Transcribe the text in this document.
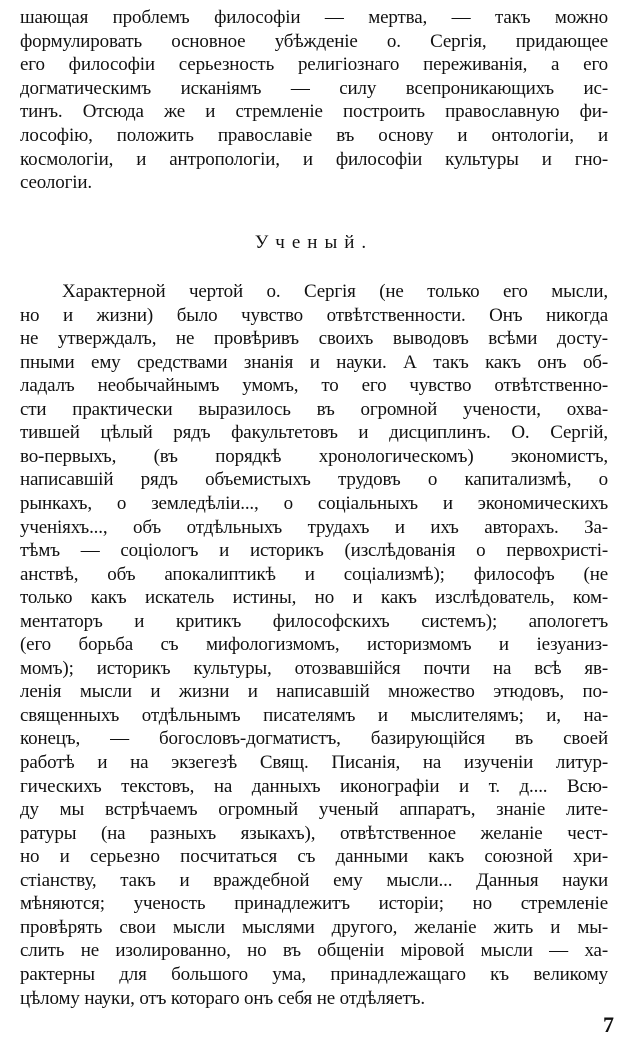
шающая проблемъ философіи — мертва, — такъ можно
формулировать основное убѣжденіе о. Сергія, придающее
его философіи серьезность религіознаго переживанія, а его
догматическимъ исканіямъ — силу всепроникающихъ ис-
тинъ. Отсюда же и стремленіе построить православную фи-
лософію, положить православіе въ основу и онтологіи, и
космологіи, и антропологіи, и философіи культуры и гно-
сеологіи.
Ученый.
Характерной чертой о. Сергія (не только его мысли,
но и жизни) было чувство отвѣтственности. Онъ никогда
не утверждалъ, не провѣривъ своихъ выводовъ всѣми досту-
пными ему средствами знанія и науки. А такъ какъ онъ об-
ладалъ необычайнымъ умомъ, то его чувство отвѣтственно-
сти практически выразилось въ огромной учености, охва-
тившей цѣлый рядъ факультетовъ и дисциплинъ. О. Сергій,
во-первыхъ, (въ порядкѣ хронологическомъ) экономистъ,
написавшій рядъ объемистыхъ трудовъ о капитализмѣ, о
рынкахъ, о земледѣліи..., о соціальныхъ и экономическихъ
ученіяхъ..., объ отдѣльныхъ трудахъ и ихъ авторахъ. За-
тѣмъ — соціологъ и историкъ (изслѣдованія о первохристі-
анствѣ, объ апокалиптикѣ и соціализмѣ); философъ (не
только какъ искатель истины, но и какъ изслѣдователь, ком-
ментаторъ и критикъ философскихъ системъ); апологетъ
(его борьба съ мифологизмомъ, историзмомъ и іезуаниз-
момъ); историкъ культуры, отозвавшійся почти на всѣ яв-
ленія мысли и жизни и написавшій множество этюдовъ, по-
священныхъ отдѣльнымъ писателямъ и мыслителямъ; и, на-
конецъ, — богословъ-догматистъ, базирующійся въ своей
работѣ и на экзегезѣ Свящ. Писанія, на изученіи литур-
гическихъ текстовъ, на данныхъ иконографіи и т. д.... Всю-
ду мы встрѣчаемъ огромный ученый аппаратъ, знаніе лите-
ратуры (на разныхъ языкахъ), отвѣтственное желаніе чест-
но и серьезно посчитаться съ данными какъ союзной хри-
стіанству, такъ и враждебной ему мысли... Данныя науки
мѣняются; ученость принадлежитъ исторіи; но стремленіе
провѣрять свои мысли мыслями другого, желаніе жить и мы-
слить не изолированно, но въ общеніи міровой мысли — ха-
рактерны для большого ума, принадлежащаго къ великому
цѣлому науки, отъ котораго онъ себя не отдѣляетъ.
7
